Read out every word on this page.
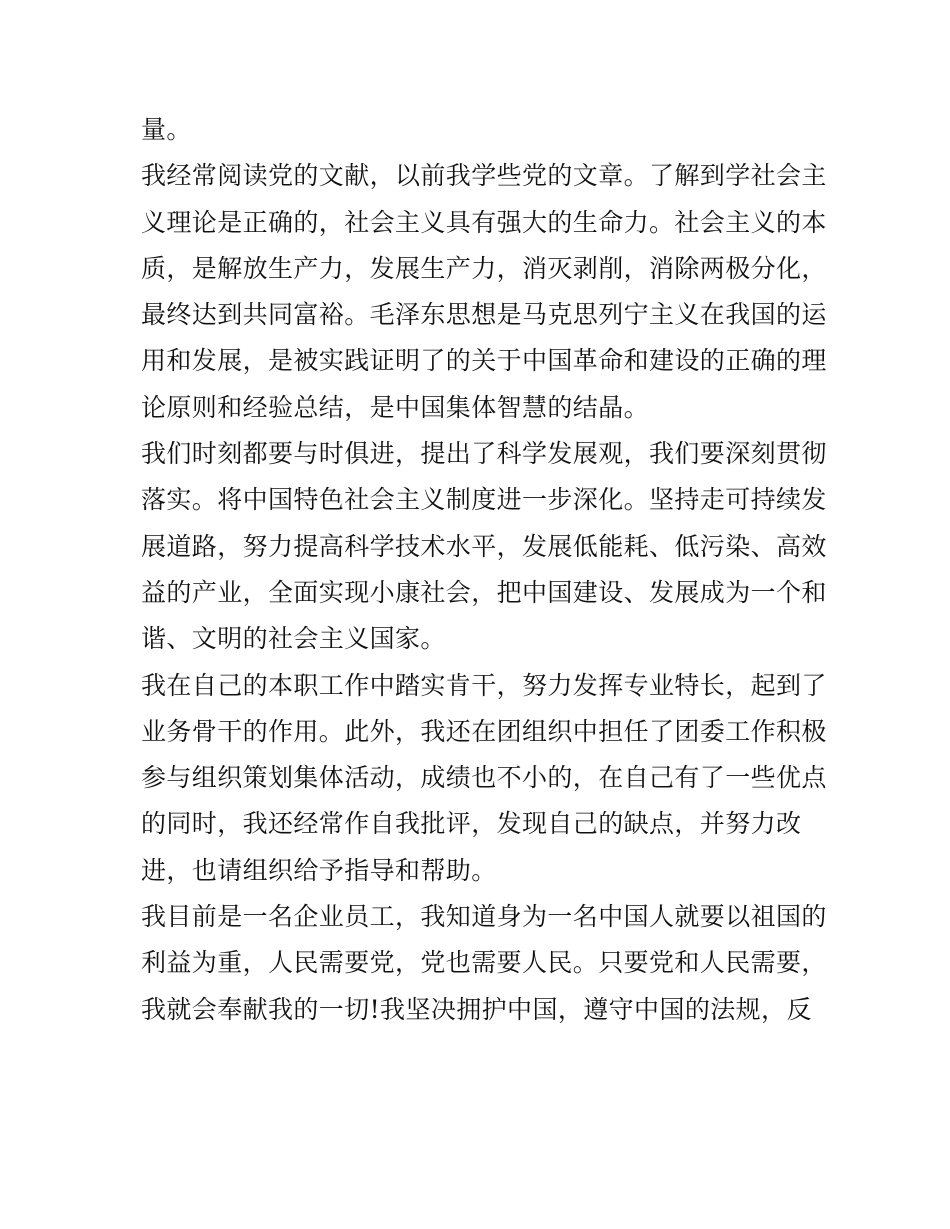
量。
我经常阅读党的文献，以前我学些党的文章。了解到学社会主
义理论是正确的，社会主义具有强大的生命力。社会主义的本
质，是解放生产力，发展生产力，消灭剥削，消除两极分化，
最终达到共同富裕。毛泽东思想是马克思列宁主义在我国的运
用和发展，是被实践证明了的关于中国革命和建设的正确的理
论原则和经验总结，是中国集体智慧的结晶。
我们时刻都要与时俱进，提出了科学发展观，我们要深刻贯彻
落实。将中国特色社会主义制度进一步深化。坚持走可持续发
展道路，努力提高科学技术水平，发展低能耗、低污染、高效
益的产业，全面实现小康社会，把中国建设、发展成为一个和
谐、文明的社会主义国家。
我在自己的本职工作中踏实肯干，努力发挥专业特长，起到了
业务骨干的作用。此外，我还在团组织中担任了团委工作积极
参与组织策划集体活动，成绩也不小的，在自己有了一些优点
的同时，我还经常作自我批评，发现自己的缺点，并努力改
进，也请组织给予指导和帮助。
我目前是一名企业员工，我知道身为一名中国人就要以祖国的
利益为重，人民需要党，党也需要人民。只要党和人民需要，
我就会奉献我的一切!我坚决拥护中国，遵守中国的法规，反
